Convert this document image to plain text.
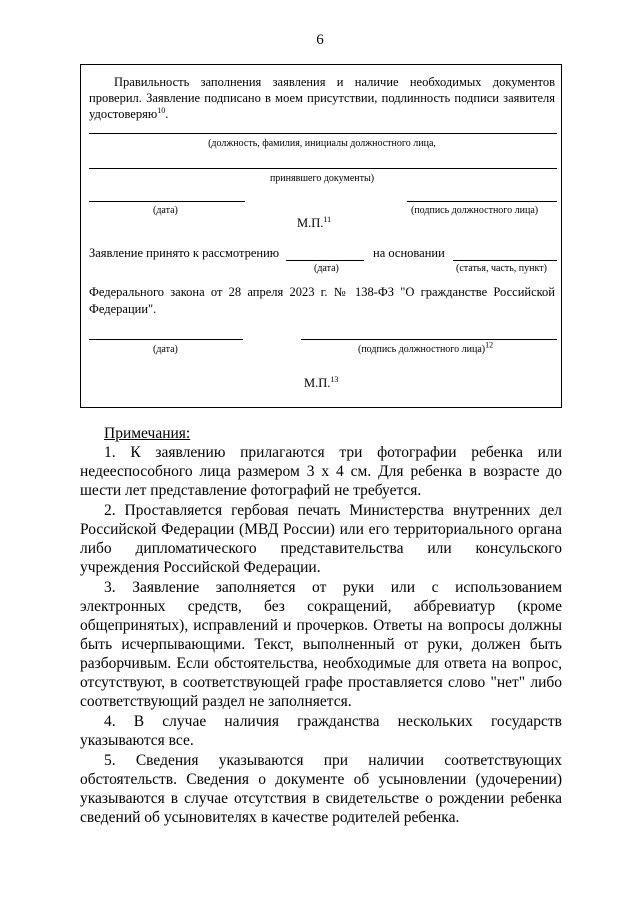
6
Правильность заполнения заявления и наличие необходимых документов проверил. Заявление подписано в моем присутствии, подлинность подписи заявителя удостоверяю$^{10}$.
(должность, фамилия, инициалы должностного лица,
принявшего документы)
(дата)	(подпись должностного лица)
М.П.$^{11}$
Заявление принято к рассмотрению	на основании
(дата)	(статья, часть, пункт)
Федерального закона от 28 апреля 2023 г. № 138-ФЗ "О гражданстве Российской Федерации".
(дата)	(подпись должностного лица)$^{12}$
М.П.$^{13}$
Примечания:

1. К заявлению прилагаются три фотографии ребенка или недееспособного лица размером 3 х 4 см. Для ребенка в возрасте до шести лет представление фотографий не требуется.

2. Проставляется гербовая печать Министерства внутренних дел Российской Федерации (МВД России) или его территориального органа либо дипломатического представительства или консульского учреждения Российской Федерации.

3. Заявление заполняется от руки или с использованием электронных средств, без сокращений, аббревиатур (кроме общепринятых), исправлений и прочерков. Ответы на вопросы должны быть исчерпывающими. Текст, выполненный от руки, должен быть разборчивым. Если обстоятельства, необходимые для ответа на вопрос, отсутствуют, в соответствующей графе проставляется слово "нет" либо соответствующий раздел не заполняется.

4. В случае наличия гражданства нескольких государств указываются все.

5. Сведения указываются при наличии соответствующих обстоятельств. Сведения о документе об усыновлении (удочерении) указываются в случае отсутствия в свидетельстве о рождении ребенка сведений об усыновителях в качестве родителей ребенка.
